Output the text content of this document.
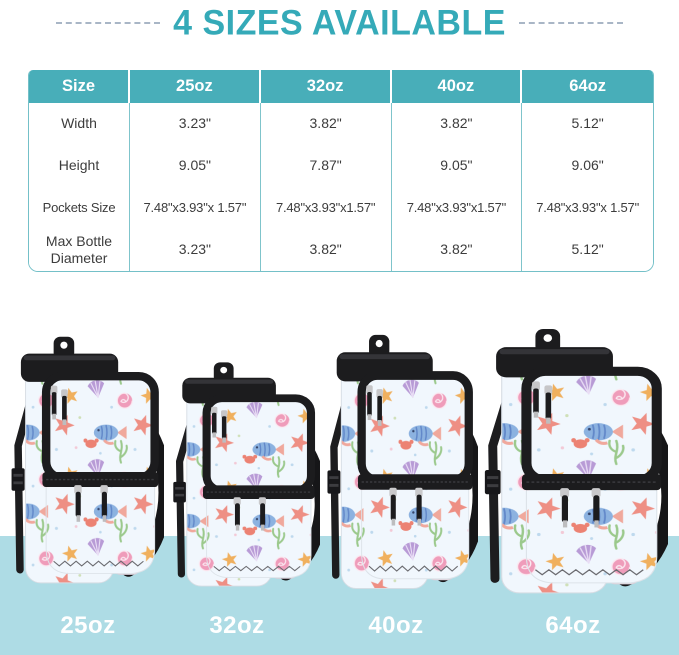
4 SIZES AVAILABLE
Size	25oz	32oz	40oz	64oz
Width	3.23"	3.82"	3.82"	5.12"
Height	9.05"	7.87"	9.05"	9.06"
Pockets Size	7.48"x3.93"x 1.57"	7.48"x3.93"x1.57"	7.48"x3.93"x1.57"	7.48"x3.93"x 1.57"
Max Bottle Diameter	3.23"	3.82"	3.82"	5.12"
25oz	32oz	40oz	64oz
